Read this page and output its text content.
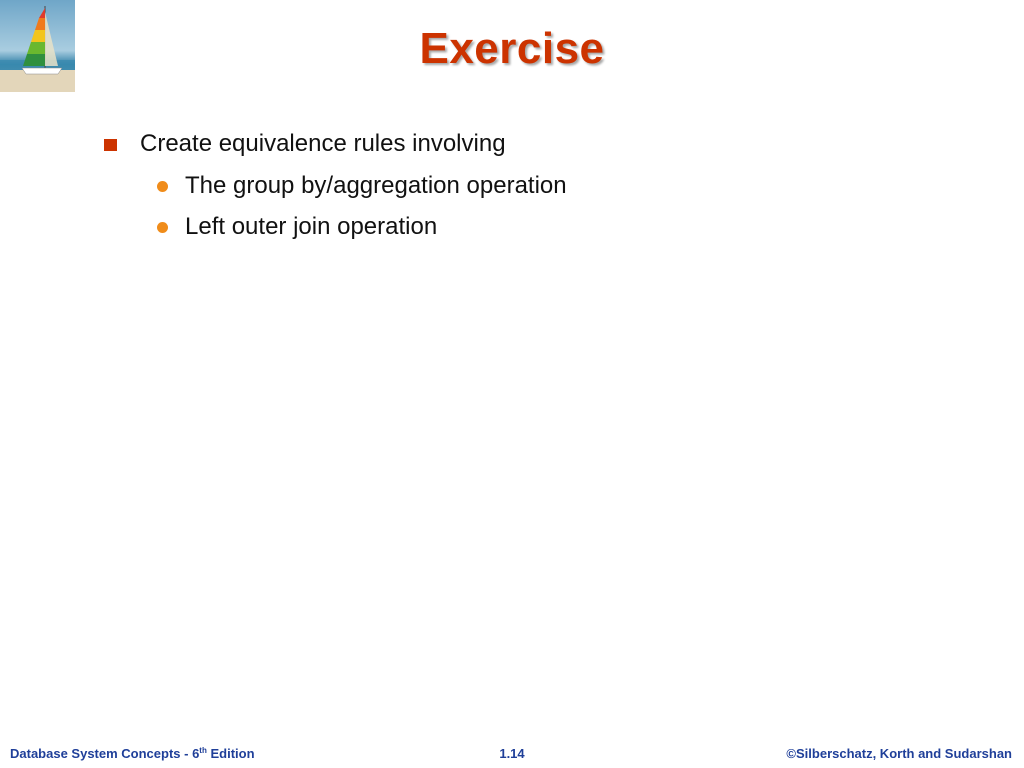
Exercise
Create equivalence rules involving
The group by/aggregation operation
Left outer join operation
Database System Concepts - 6th Edition	1.14	©Silberschatz, Korth and Sudarshan
